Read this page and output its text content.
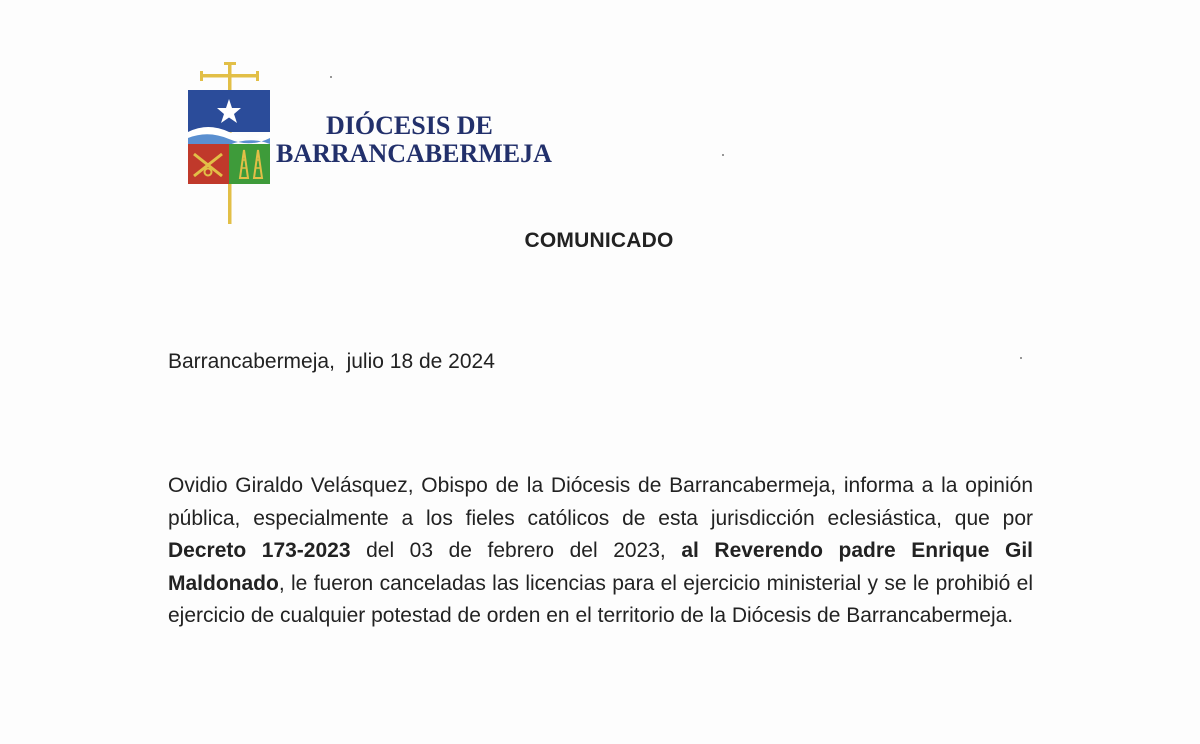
DIÓCESIS DE
BARRANCABERMEJA
COMUNICADO
Barrancabermeja,  julio 18 de 2024
Ovidio Giraldo Velásquez, Obispo de la Diócesis de Barrancabermeja, informa a la opinión pública, especialmente a los fieles católicos de esta jurisdicción eclesiástica, que por Decreto 173-2023 del 03 de febrero del 2023, al Reverendo padre Enrique Gil Maldonado, le fueron canceladas las licencias para el ejercicio ministerial y se le prohibió el ejercicio de cualquier potestad de orden en el territorio de la Diócesis de Barrancabermeja.
